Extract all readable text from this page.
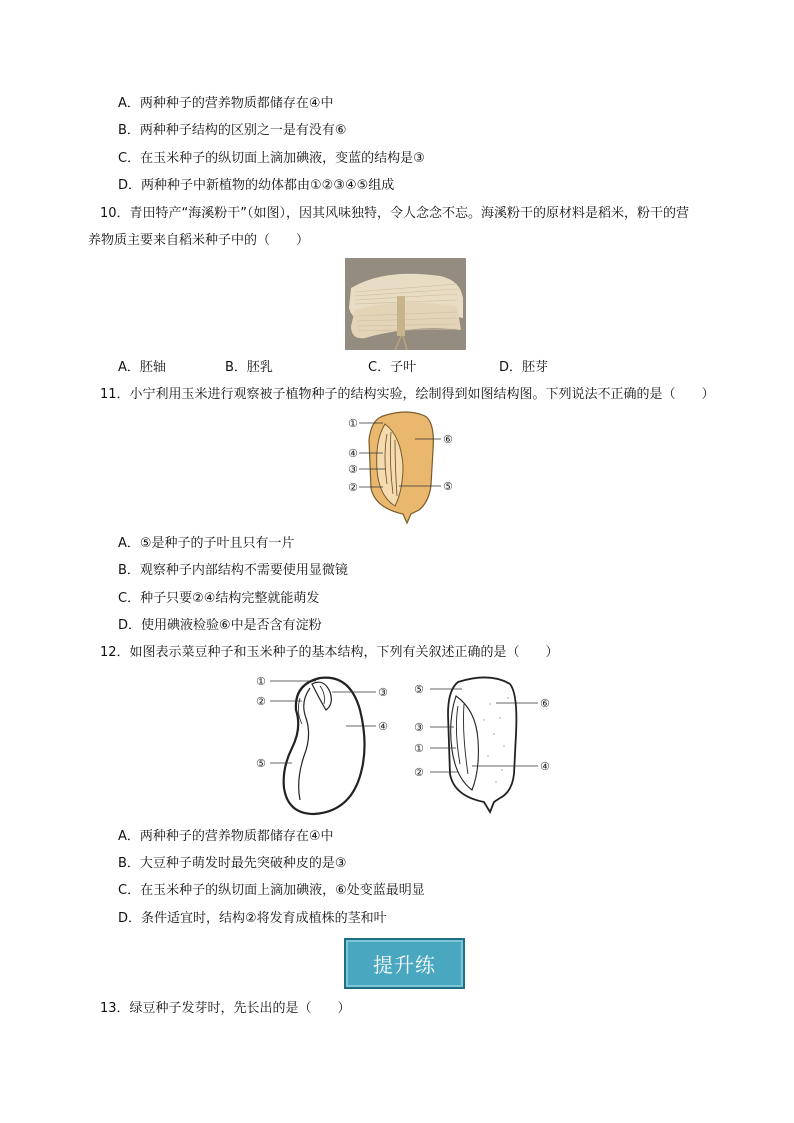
A．两种种子的营养物质都储存在④中
B．两种种子结构的区别之一是有没有⑥
C．在玉米种子的纵切面上滴加碘液，变蓝的结构是③
D．两种种子中新植物的幼体都由①②③④⑤组成
10．青田特产“海溪粉干”（如图），因其风味独特，令人念念不忘。海溪粉干的原材料是稻米，粉干的营
养物质主要来自稻米种子中的（　　）
A．胚轴	B．胚乳	C．子叶	D．胚芽
11．小宁利用玉米进行观察被子植物种子的结构实验，绘制得到如图结构图。下列说法不正确的是（　　）
①
④
③
②
⑥
⑤
A．⑤是种子的子叶且只有一片
B．观察种子内部结构不需要使用显微镜
C．种子只要②④结构完整就能萌发
D．使用碘液检验⑥中是否含有淀粉
12．如图表示菜豆种子和玉米种子的基本结构，下列有关叙述正确的是（　　）
①
②
③
④
⑤
⑤
⑥
③
①
②	④
A．两种种子的营养物质都储存在④中
B．大豆种子萌发时最先突破种皮的是③
C．在玉米种子的纵切面上滴加碘液，⑥处变蓝最明显
D．条件适宜时，结构②将发育成植株的茎和叶
提升练
13．绿豆种子发芽时，先长出的是（　　）
